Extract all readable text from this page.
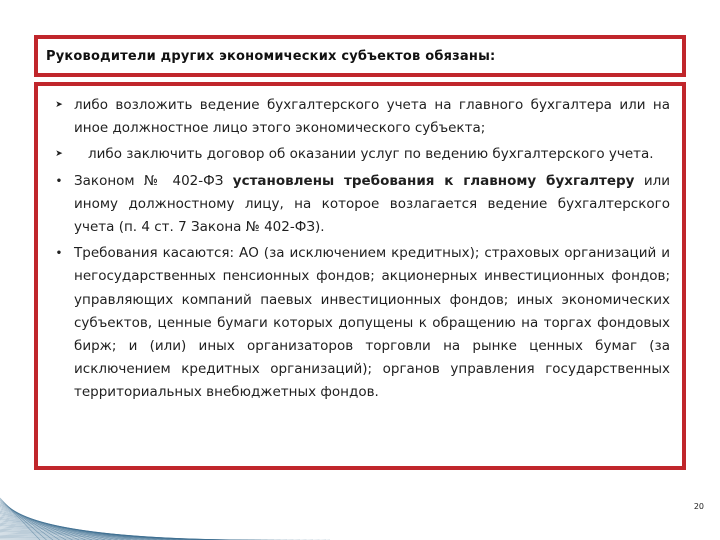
Руководители других экономических субъектов обязаны:
➤ либо возложить ведение бухгалтерского учета на главного бухгалтера или на иное должностное лицо этого экономического субъекта;
➤ либо заключить договор об оказании услуг по ведению бухгалтерского учета.
• Законом № 402-ФЗ установлены требования к главному бухгалтеру или иному должностному лицу, на которое возлагается ведение бухгалтерского учета (п. 4 ст. 7 Закона № 402-ФЗ).
• Требования касаются: АО (за исключением кредитных); страховых организаций и негосударственных пенсионных фондов; акционерных инвестиционных фондов; управляющих компаний паевых инвестиционных фондов; иных экономических субъектов, ценные бумаги которых допущены к обращению на торгах фондовых бирж; и (или) иных организаторов торговли на рынке ценных бумаг (за исключением кредитных организаций); органов управления государственных территориальных внебюджетных фондов.
20
